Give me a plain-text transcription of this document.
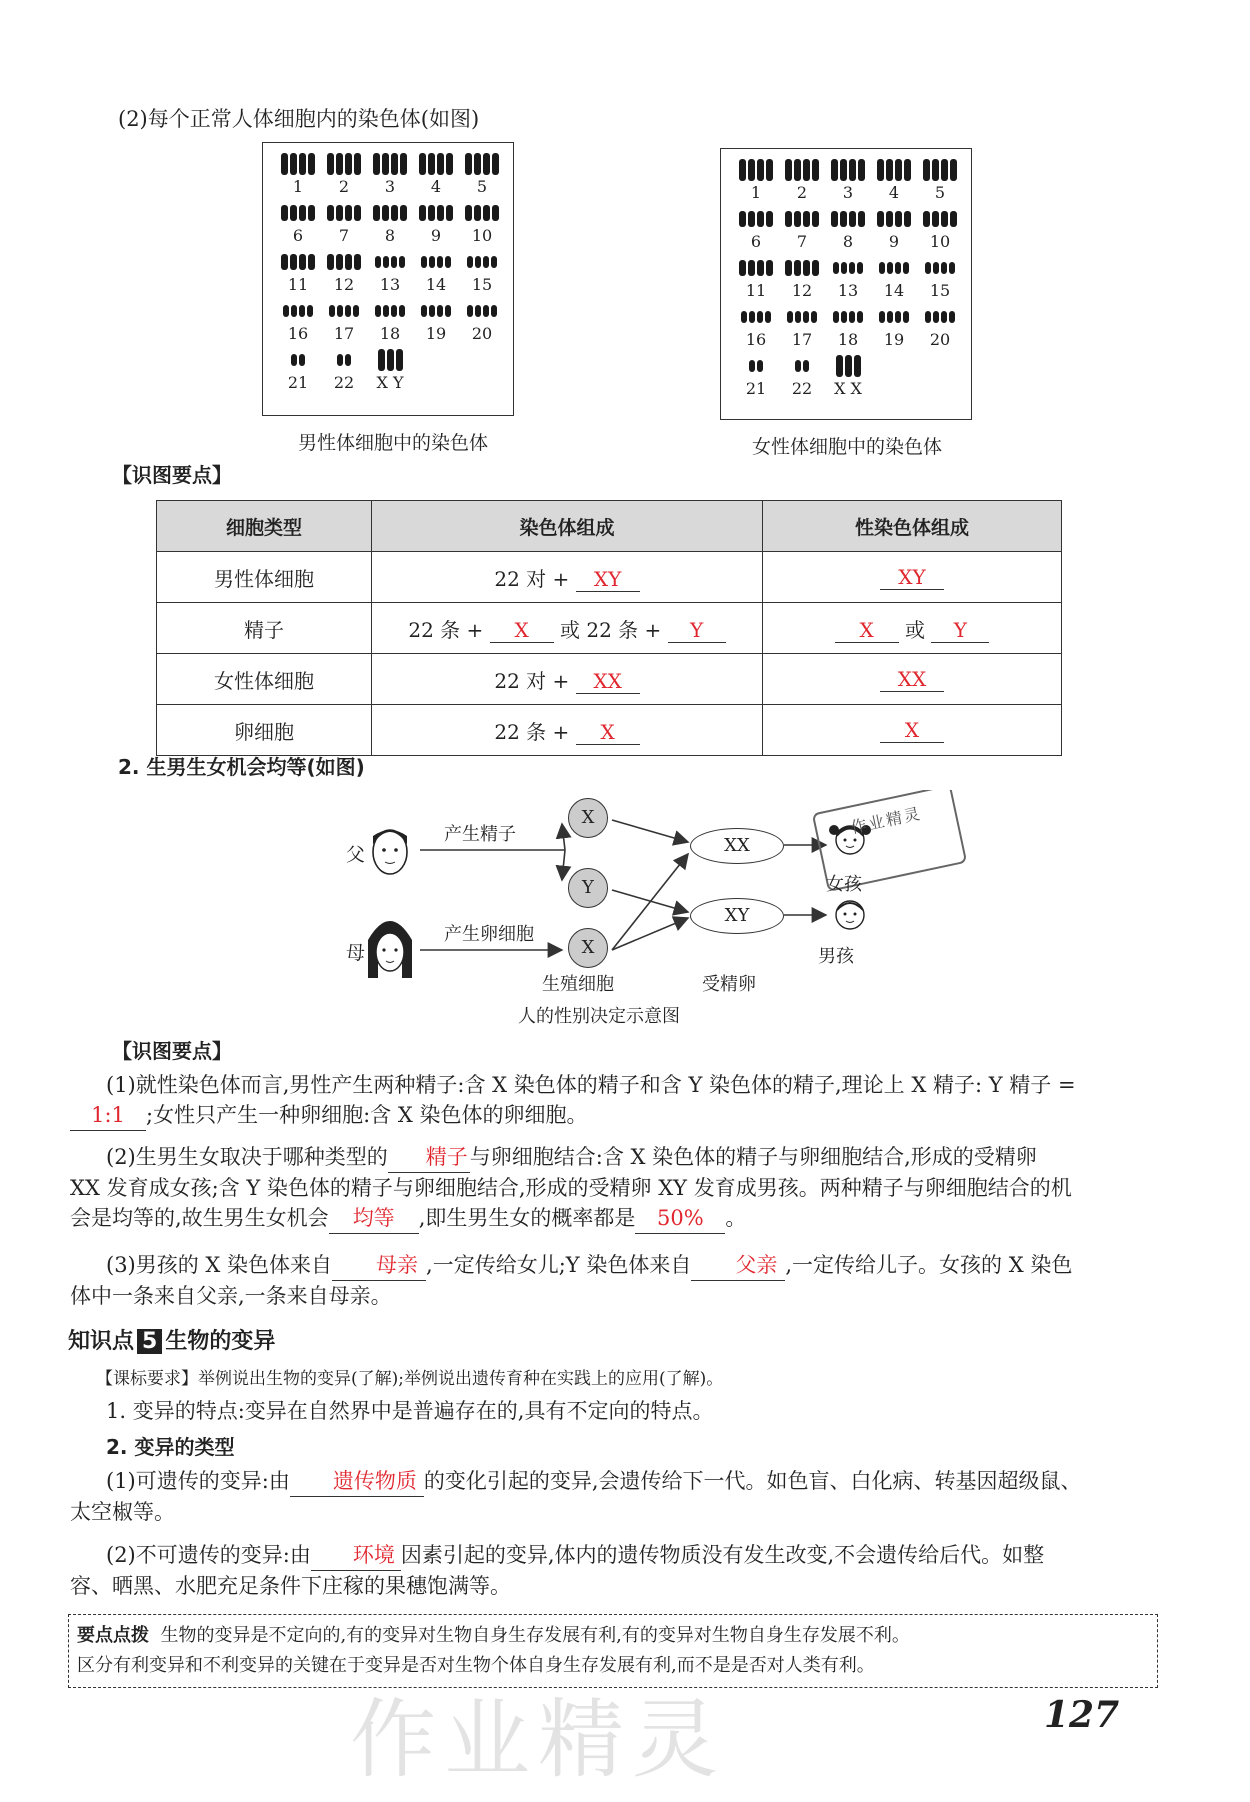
(2)每个正常人体细胞内的染色体(如图)
1 2 3 4 5
6 7 8 9 10
11 12 13 14 15
16 17 18 19 20
21 22 X Y
男性体细胞中的染色体
1 2 3 4 5
6 7 8 9 10
11 12 13 14 15
16 17 18 19 20
21 22 X X
女性体细胞中的染色体
【识图要点】
细胞类型	染色体组成	性染色体组成
男性体细胞	22 对 + XY	XY
精子	22 条 + X 或 22 条 + Y	X 或 Y
女性体细胞	22 对 + XX	XX
卵细胞	22 条 + X	X
2. 生男生女机会均等(如图)
父
母
产生精子
产生卵细胞
X
Y
X
XX
XY
女孩
男孩
生殖细胞	受精卵
人的性别决定示意图
作业精灵
【识图要点】
(1)就性染色体而言,男性产生两种精子:含 X 染色体的精子和含 Y 染色体的精子,理论上 X 精子: Y 精子 =
1:1 ;女性只产生一种卵细胞:含 X 染色体的卵细胞。
(2)生男生女取决于哪种类型的 精子与卵细胞结合:含 X 染色体的精子与卵细胞结合,形成的受精卵
XX 发育成女孩;含 Y 染色体的精子与卵细胞结合,形成的受精卵 XY 发育成男孩。两种精子与卵细胞结合的机
会是均等的,故生男生女机会 均等 ,即生男生女的概率都是 50% 。
(3)男孩的 X 染色体来自 母亲 ,一定传给女儿;Y 染色体来自 父亲 ,一定传给儿子。女孩的 X 染色
体中一条来自父亲,一条来自母亲。
知识点 5 生物的变异
【课标要求】举例说出生物的变异(了解);举例说出遗传育种在实践上的应用(了解)。
1. 变异的特点:变异在自然界中是普遍存在的,具有不定向的特点。
2. 变异的类型
(1)可遗传的变异:由 遗传物质 的变化引起的变异,会遗传给下一代。如色盲、白化病、转基因超级鼠、
太空椒等。
(2)不可遗传的变异:由 环境 因素引起的变异,体内的遗传物质没有发生改变,不会遗传给后代。如整
容、晒黑、水肥充足条件下庄稼的果穗饱满等。
要点点拨 生物的变异是不定向的,有的变异对生物自身生存发展有利,有的变异对生物自身生存发展不利。
区分有利变异和不利变异的关键在于变异是否对生物个体自身生存发展有利,而不是是否对人类有利。
作业精灵	127
